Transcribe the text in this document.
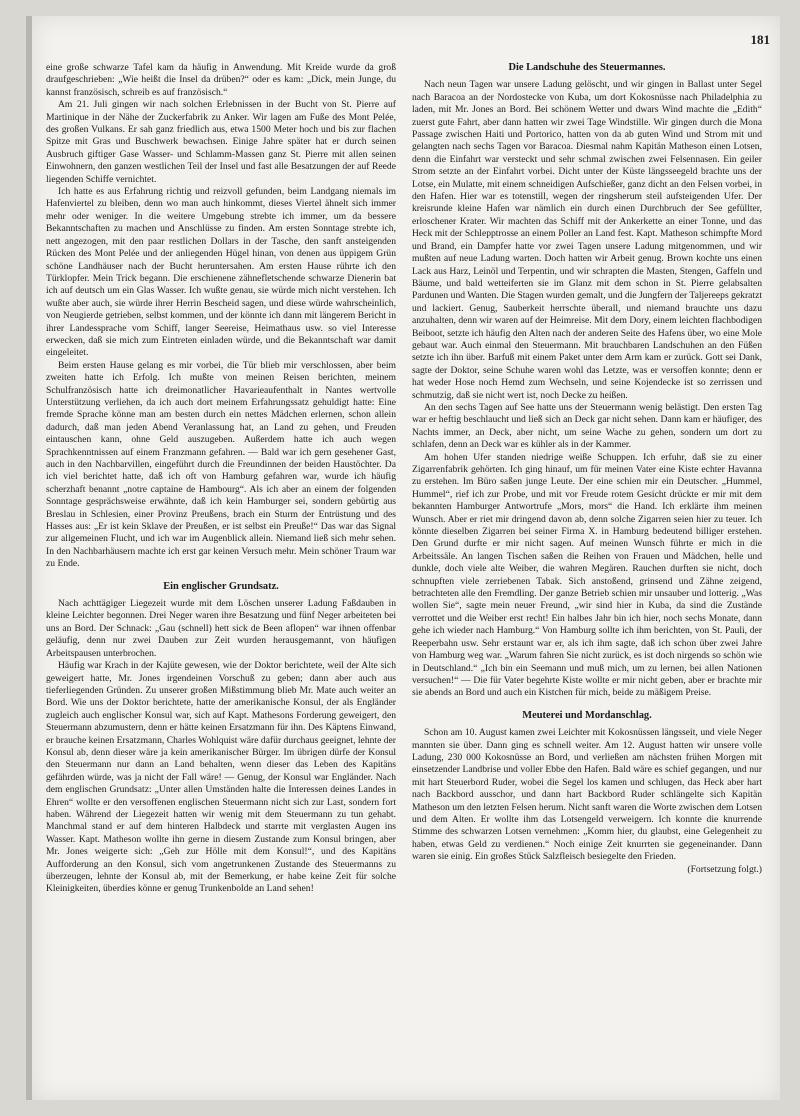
181

eine große schwarze Tafel kam da häufig in Anwendung. Mit Kreide wurde da groß draufgeschrieben: „Wie heißt die Insel da drüben?“ oder es kam: „Dick, mein Junge, du kannst französisch, schreib es auf französisch.“

Am 21. Juli gingen wir nach solchen Erlebnissen in der Bucht von St. Pierre auf Martinique in der Nähe der Zuckerfabrik zu Anker. Wir lagen am Fuße des Mont Pelée, des großen Vulkans. Er sah ganz friedlich aus, etwa 1500 Meter hoch und bis zur flachen Spitze mit Gras und Buschwerk bewachsen. Einige Jahre später hat er durch seinen Ausbruch giftiger Gase Wasser- und Schlamm-Massen ganz St. Pierre mit allen seinen Einwohnern, den ganzen westlichen Teil der Insel und fast alle Besatzungen der auf Reede liegenden Schiffe vernichtet.

Ich hatte es aus Erfahrung richtig und reizvoll gefunden, beim Landgang niemals im Hafenviertel zu bleiben, denn wo man auch hinkommt, dieses Viertel ähnelt sich immer mehr oder weniger. In die weitere Umgebung strebte ich immer, um da bessere Bekanntschaften zu machen und Anschlüsse zu finden. Am ersten Sonntage strebte ich, nett angezogen, mit den paar restlichen Dollars in der Tasche, den sanft ansteigenden Rücken des Mont Pelée und der anliegenden Hügel hinan, von denen aus üppigem Grün schöne Landhäuser nach der Bucht heruntersahen. Am ersten Hause rührte ich den Türklopfer. Mein Trick begann. Die erschienene zähnefletschende schwarze Dienerin bat ich auf deutsch um ein Glas Wasser. Ich wußte genau, sie würde mich nicht verstehen. Ich wußte aber auch, sie würde ihrer Herrin Bescheid sagen, und diese würde wahrscheinlich, von Neugierde getrieben, selbst kommen, und der könnte ich dann mit längerem Bericht in ihrer Landessprache vom Schiff, langer Seereise, Heimathaus usw. so viel Interesse erwecken, daß sie mich zum Eintreten einladen würde, und die Bekanntschaft war damit eingeleitet.

Beim ersten Hause gelang es mir vorbei, die Tür blieb mir verschlossen, aber beim zweiten hatte ich Erfolg. Ich mußte von meinen Reisen berichten, meinem Schulfranzösisch hatte ich dreimonatlicher Havarieaufenthalt in Nantes wertvolle Unterstützung verliehen, da ich auch dort meinem Erfahrungssatz gehuldigt hatte: Eine fremde Sprache könne man am besten durch ein nettes Mädchen erlernen, schon allein dadurch, daß man jeden Abend Veranlassung hat, an Land zu gehen, und Freuden eintauschen kann, ohne Geld auszugeben. Außerdem hatte ich auch wegen Sprachkenntnissen auf einem Franzmann gefahren. — Bald war ich gern gesehener Gast, auch in den Nachbarvillen, eingeführt durch die Freundinnen der beiden Haustöchter. Da ich viel berichtet hatte, daß ich oft von Hamburg gefahren war, wurde ich häufig scherzhaft benannt „notre captaine de Hambourg“. Als ich aber an einem der folgenden Sonntage gesprächsweise erwähnte, daß ich kein Hamburger sei, sondern gebürtig aus Breslau in Schlesien, einer Provinz Preußens, brach ein Sturm der Entrüstung und des Hasses aus: „Er ist kein Sklave der Preußen, er ist selbst ein Preuße!“ Das war das Signal zur allgemeinen Flucht, und ich war im Augenblick allein. Niemand ließ sich mehr sehen. In den Nachbarhäusern machte ich erst gar keinen Versuch mehr. Mein schöner Traum war zu Ende.

Ein englischer Grundsatz.

Nach achttägiger Liegezeit wurde mit dem Löschen unserer Ladung Faßdauben in kleine Leichter begonnen. Drei Neger waren ihre Besatzung und fünf Neger arbeiteten bei uns an Bord. Der Schnack: „Gau (schnell) hett sick de Been aflopen“ war ihnen offenbar geläufig, denn nur zwei Dauben zur Zeit wurden herausgemannt, von häufigen Arbeitspausen unterbrochen.

Häufig war Krach in der Kajüte gewesen, wie der Doktor berichtete, weil der Alte sich geweigert hatte, Mr. Jones irgendeinen Vorschuß zu geben; dann aber auch aus tieferliegenden Gründen. Zu unserer großen Mißstimmung blieb Mr. Mate auch weiter an Bord. Wie uns der Doktor berichtete, hatte der amerikanische Konsul, der als Engländer zugleich auch englischer Konsul war, sich auf Kapt. Mathesons Forderung geweigert, den Steuermann abzumustern, denn er hätte keinen Ersatzmann für ihn. Des Käptens Einwand, er brauche keinen Ersatzmann, Charles Wohlquist wäre dafür durchaus geeignet, lehnte der Konsul ab, denn dieser wäre ja kein amerikanischer Bürger. Im übrigen dürfe der Konsul den Steuermann nur dann an Land behalten, wenn dieser das Leben des Kapitäns gefährden würde, was ja nicht der Fall wäre! — Genug, der Konsul war Engländer. Nach dem englischen Grundsatz: „Unter allen Umständen halte die Interessen deines Landes in Ehren“ wollte er den versoffenen englischen Steuermann nicht sich zur Last, sondern fort haben. Während der Liegezeit hatten wir wenig mit dem Steuermann zu tun gehabt. Manchmal stand er auf dem hinteren Halbdeck und starrte mit verglasten Augen ins Wasser. Kapt. Matheson wollte ihn gerne in diesem Zustande zum Konsul bringen, aber Mr. Jones weigerte sich: „Geh zur Hölle mit dem Konsul!“, und des Kapitäns Aufforderung an den Konsul, sich vom angetrunkenen Zustande des Steuermanns zu überzeugen, lehnte der Konsul ab, mit der Bemerkung, er habe keine Zeit für solche Kleinigkeiten, überdies könne er genug Trunkenbolde an Land sehen!

Die Landschuhe des Steuermannes.

Nach neun Tagen war unsere Ladung gelöscht, und wir gingen in Ballast unter Segel nach Baracoa an der Nordostecke von Kuba, um dort Kokosnüsse nach Philadelphia zu laden, mit Mr. Jones an Bord. Bei schönem Wetter und dwars Wind machte die „Edith“ zuerst gute Fahrt, aber dann hatten wir zwei Tage Windstille. Wir gingen durch die Mona Passage zwischen Haiti und Portorico, hatten von da ab guten Wind und Strom mit und gelangten nach sechs Tagen vor Baracoa. Diesmal nahm Kapitän Matheson einen Lotsen, denn die Einfahrt war versteckt und sehr schmal zwischen zwei Felsennasen. Ein geiler Strom setzte an der Einfahrt vorbei. Dicht unter der Küste längsseegeld brachte uns der Lotse, ein Mulatte, mit einem schneidigen Aufschießer, ganz dicht an den Felsen vorbei, in den Hafen. Hier war es totenstill, wegen der ringsherum steil aufsteigenden Ufer. Der kreisrunde kleine Hafen war nämlich ein durch einen Durchbruch der See gefüllter, erloschener Krater. Wir machten das Schiff mit der Ankerkette an einer Tonne, und das Heck mit der Schlepptrosse an einem Poller an Land fest. Kapt. Matheson schimpfte Mord und Brand, ein Dampfer hatte vor zwei Tagen unsere Ladung mitgenommen, und wir mußten auf neue Ladung warten. Doch hatten wir Arbeit genug. Brown kochte uns einen Lack aus Harz, Leinöl und Terpentin, und wir schrapten die Masten, Stengen, Gaffeln und Bäume, und bald wetteiferten sie im Glanz mit dem schon in St. Pierre gelabsalten Pardunen und Wanten. Die Stagen wurden gemalt, und die Jungfern der Taljereeps gekratzt und lackiert. Genug, Sauberkeit herrschte überall, und niemand brauchte uns dazu anzuhalten, denn wir waren auf der Heimreise. Mit dem Dory, einem leichten flachbodigen Beiboot, setzte ich häufig den Alten nach der anderen Seite des Hafens über, wo eine Mole gebaut war. Auch einmal den Steuermann. Mit brauchbaren Landschuhen an den Füßen setzte ich ihn über. Barfuß mit einem Paket unter dem Arm kam er zurück. Gott sei Dank, sagte der Doktor, seine Schuhe waren wohl das Letzte, was er versoffen konnte; denn er hat weder Hose noch Hemd zum Wechseln, und seine Kojendecke ist so zerrissen und schmutzig, daß sie nicht wert ist, noch Decke zu heißen.

An den sechs Tagen auf See hatte uns der Steuermann wenig belästigt. Den ersten Tag war er heftig beschlaucht und ließ sich an Deck gar nicht sehen. Dann kam er häufiger, des Nachts immer, an Deck, aber nicht, um seine Wache zu gehen, sondern um dort zu schlafen, denn an Deck war es kühler als in der Kammer.

Am hohen Ufer standen niedrige weiße Schuppen. Ich erfuhr, daß sie zu einer Zigarrenfabrik gehörten. Ich ging hinauf, um für meinen Vater eine Kiste echter Havanna zu erstehen. Im Büro saßen junge Leute. Der eine schien mir ein Deutscher. „Hummel, Hummel“, rief ich zur Probe, und mit vor Freude rotem Gesicht drückte er mir mit dem bekannten Hamburger Antwortrufe „Mors, mors“ die Hand. Ich erklärte ihm meinen Wunsch. Aber er riet mir dringend davon ab, denn solche Zigarren seien hier zu teuer. Ich könnte dieselben Zigarren bei seiner Firma X. in Hamburg bedeutend billiger erstehen. Den Grund durfte er mir nicht sagen. Auf meinen Wunsch führte er mich in die Arbeitssäle. An langen Tischen saßen die Reihen von Frauen und Mädchen, helle und dunkle, doch viele alte Weiber, die wahren Megären. Rauchen durften sie nicht, doch schnupften viele zerriebenen Tabak. Sich anstoßend, grinsend und Zähne zeigend, betrachteten alle den Fremdling. Der ganze Betrieb schien mir unsauber und lotterig. „Was wollen Sie“, sagte mein neuer Freund, „wir sind hier in Kuba, da sind die Zustände verrottet und die Weiber erst recht! Ein halbes Jahr bin ich hier, noch sechs Monate, dann gehe ich wieder nach Hamburg.“ Von Hamburg sollte ich ihm berichten, von St. Pauli, der Reeperbahn usw. Sehr erstaunt war er, als ich ihm sagte, daß ich schon über zwei Jahre von Hamburg weg war. „Warum fahren Sie nicht zurück, es ist doch nirgends so schön wie in Deutschland.“ „Ich bin ein Seemann und muß mich, um zu lernen, bei allen Nationen versuchen!“ — Die für Vater begehrte Kiste wollte er mir nicht geben, aber er brachte mir sie abends an Bord und auch ein Kistchen für mich, beide zu mäßigem Preise.

Meuterei und Mordanschlag.

Schon am 10. August kamen zwei Leichter mit Kokosnüssen längsseit, und viele Neger mannten sie über. Dann ging es schnell weiter. Am 12. August hatten wir unsere volle Ladung, 230 000 Kokosnüsse an Bord, und verließen am nächsten frühen Morgen mit einsetzender Landbrise und voller Ebbe den Hafen. Bald wäre es schief gegangen, und nur mit hart Steuerbord Ruder, wobei die Segel los kamen und schlugen, das Heck aber hart nach Backbord ausschor, und dann hart Backbord Ruder schlängelte sich Kapitän Matheson um den letzten Felsen herum. Nicht sanft waren die Worte zwischen dem Lotsen und dem Alten. Er wollte ihm das Lotsengeld verweigern. Ich konnte die knurrende Stimme des schwarzen Lotsen vernehmen: „Komm hier, du glaubst, eine Gelegenheit zu haben, etwas Geld zu verdienen.“ Noch einige Zeit knurrten sie gegeneinander. Dann waren sie einig. Ein großes Stück Salzfleisch besiegelte den Frieden.

(Fortsetzung folgt.)
